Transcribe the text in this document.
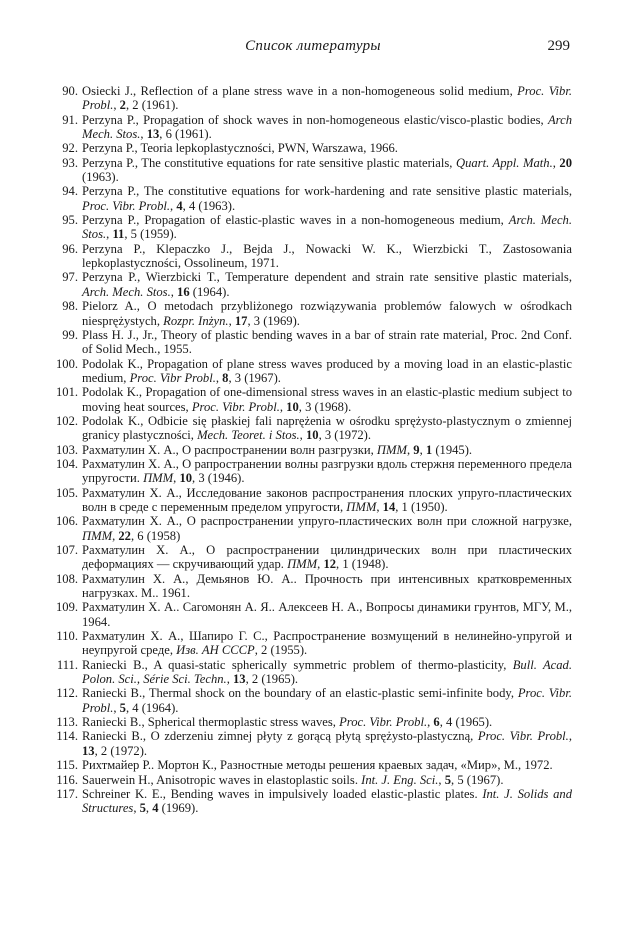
Список литературы	299
90. Osiecki J., Reflection of a plane stress wave in a non-homogeneous solid medium, Proc. Vibr. Probl., 2, 2 (1961).
91. Perzyna P., Propagation of shock waves in non-homogeneous elastic/visco-plastic bodies, Arch Mech. Stos., 13, 6 (1961).
92. Perzyna P., Teoria lepkoplastyczności, PWN, Warszawa, 1966.
93. Perzyna P., The constitutive equations for rate sensitive plastic materials, Quart. Appl. Math., 20 (1963).
94. Perzyna P., The constitutive equations for work-hardening and rate sensitive plastic materials, Proc. Vibr. Probl., 4, 4 (1963).
95. Perzyna P., Propagation of elastic-plastic waves in a non-homogeneous medium, Arch. Mech. Stos., 11, 5 (1959).
96. Perzyna P., Klepaczko J., Bejda J., Nowacki W. K., Wierzbicki T., Zastosowania lepkoplastyczności, Ossolineum, 1971.
97. Perzyna P., Wierzbicki T., Temperature dependent and strain rate sensitive plastic materials, Arch. Mech. Stos., 16 (1964).
98. Pielorz A., O metodach przybliżonego rozwiązywania problemów falowych w ośrodkach niesprężystych, Rozpr. Inżyn., 17, 3 (1969).
99. Plass H. J., Jr., Theory of plastic bending waves in a bar of strain rate material, Proc. 2nd Conf. of Solid Mech., 1955.
100. Podolak K., Propagation of plane stress waves produced by a moving load in an elastic-plastic medium, Proc. Vibr Probl., 8, 3 (1967).
101. Podolak K., Propagation of one-dimensional stress waves in an elastic-plastic medium subject to moving heat sources, Proc. Vibr. Probl., 10, 3 (1968).
102. Podolak K., Odbicie się płaskiej fali naprężenia w ośrodku sprężysto-plastycznym o zmiennej granicy plastyczności, Mech. Teoret. i Stos., 10, 3 (1972).
103. Рахматулин X. А., О распространении волн разгрузки, ПММ, 9, 1 (1945).
104. Рахматулин X. А., О рапространении волны разгрузки вдоль стержня переменного предела упругости. ПММ, 10, 3 (1946).
105. Рахматулин X. А., Исследование законов распространения плоских упруго-пластических волн в среде с переменным пределом упругости, ПММ, 14, 1 (1950).
106. Рахматулин X. А., О распространении упруго-пластических волн при сложной нагрузке, ПММ, 22, 6 (1958)
107. Рахматулин X. А., О распространении цилиндрических волн при пластических деформациях — скручивающий удар. ПММ, 12, 1 (1948).
108. Рахматулин X. А., Демьянов Ю. А.. Прочность при интенсивных кратковременных нагрузках. М.. 1961.
109. Рахматулин X. А.. Сагомонян А. Я.. Алексеев Н. А., Вопросы динамики грунтов, МГУ, М., 1964.
110. Рахматулин X. А., Шапиро Г. С., Распространение возмущений в нелинейно-упругой и неупругой среде, Изв. АН СССР, 2 (1955).
111. Raniecki B., A quasi-static spherically symmetric problem of thermo-plasticity, Bull. Acad. Polon. Sci., Série Sci. Techn., 13, 2 (1965).
112. Raniecki B., Thermal shock on the boundary of an elastic-plastic semi-infinite body, Proc. Vibr. Probl., 5, 4 (1964).
113. Raniecki B., Spherical thermoplastic stress waves, Proc. Vibr. Probl., 6, 4 (1965).
114. Raniecki B., O zderzeniu zimnej płyty z gorącą płytą sprężysto-plastyczną, Proc. Vibr. Probl., 13, 2 (1972).
115. Рихтмайер Р.. Мортон К., Разностные методы решения краевых задач, «Мир», М., 1972.
116. Sauerwein H., Anisotropic waves in elastoplastic soils. Int. J. Eng. Sci., 5, 5 (1967).
117. Schreiner K. E., Bending waves in impulsively loaded elastic-plastic plates. Int. J. Solids and Structures, 5, 4 (1969).
